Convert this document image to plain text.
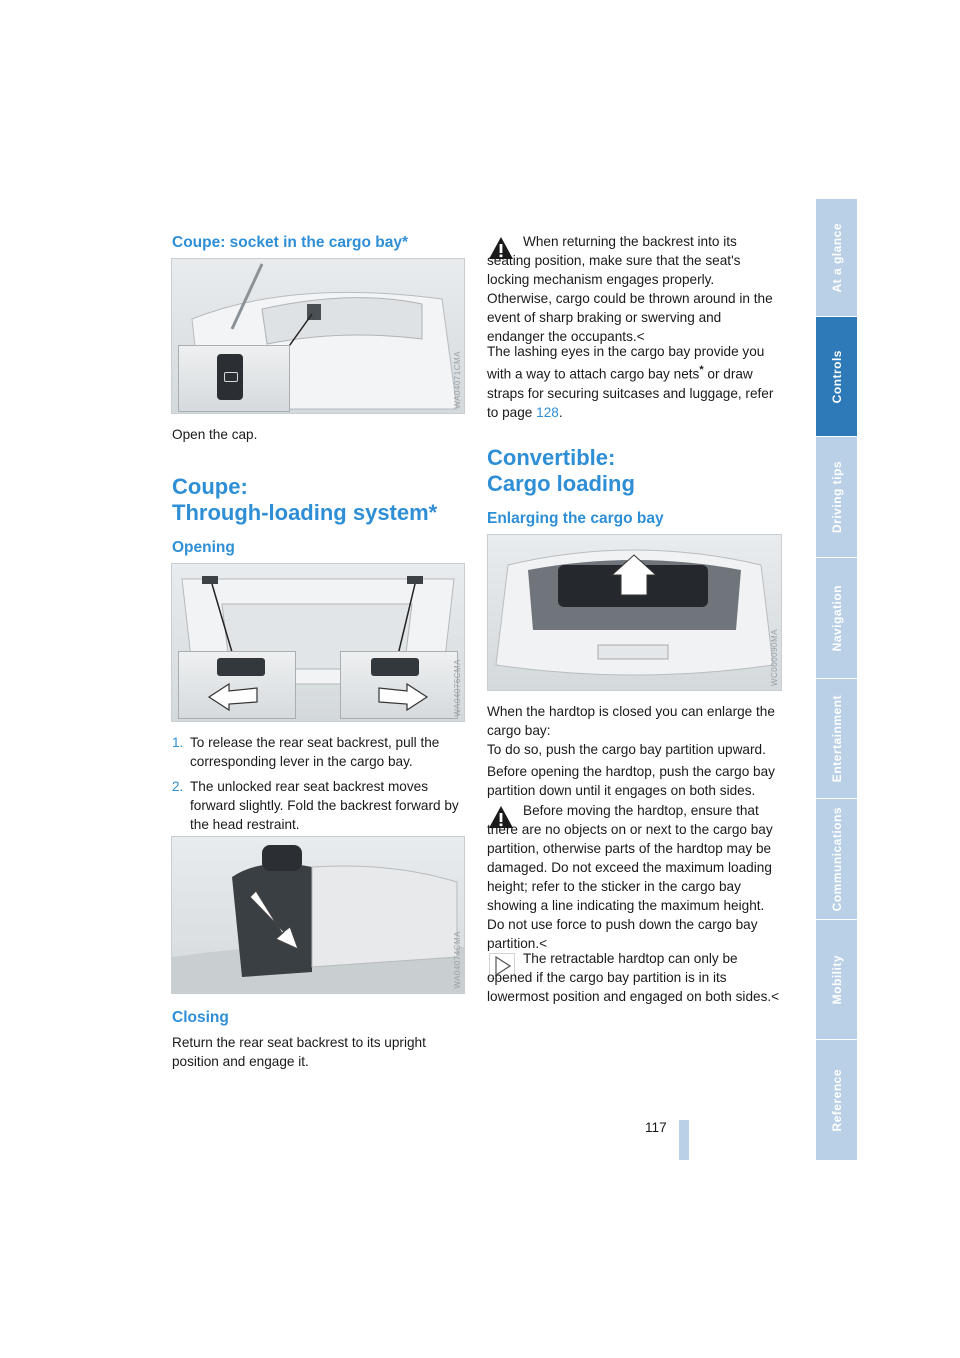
Coupe: socket in the cargo bay*
WA04071CMA

Open the cap.

Coupe:
Through-loading system*
Opening
WA04076CMA
1. To release the rear seat backrest, pull the corresponding lever in the cargo bay.
2. The unlocked rear seat backrest moves forward slightly. Fold the backrest forward by the head restraint.
WA04074CMA
Closing

Return the rear seat backrest to its upright position and engage it.

When returning the backrest into its seating position, make sure that the seat's locking mechanism engages properly. Otherwise, cargo could be thrown around in the event of sharp braking or swerving and endanger the occupants.<

The lashing eyes in the cargo bay provide you with a way to attach cargo bay nets* or draw straps for securing suitcases and luggage, refer to page 128.

Convertible:
Cargo loading
Enlarging the cargo bay
WC000090MA

When the hardtop is closed you can enlarge the cargo bay:
To do so, push the cargo bay partition upward.

Before opening the hardtop, push the cargo bay partition down until it engages on both sides.

Before moving the hardtop, ensure that there are no objects on or next to the cargo bay partition, otherwise parts of the hardtop may be damaged. Do not exceed the maximum loading height; refer to the sticker in the cargo bay showing a line indicating the maximum height. Do not use force to push down the cargo bay partition.<

The retractable hardtop can only be opened if the cargo bay partition is in its lowermost position and engaged on both sides.<

117
At a glance
Controls
Driving tips
Navigation
Entertainment
Communications
Mobility
Reference
